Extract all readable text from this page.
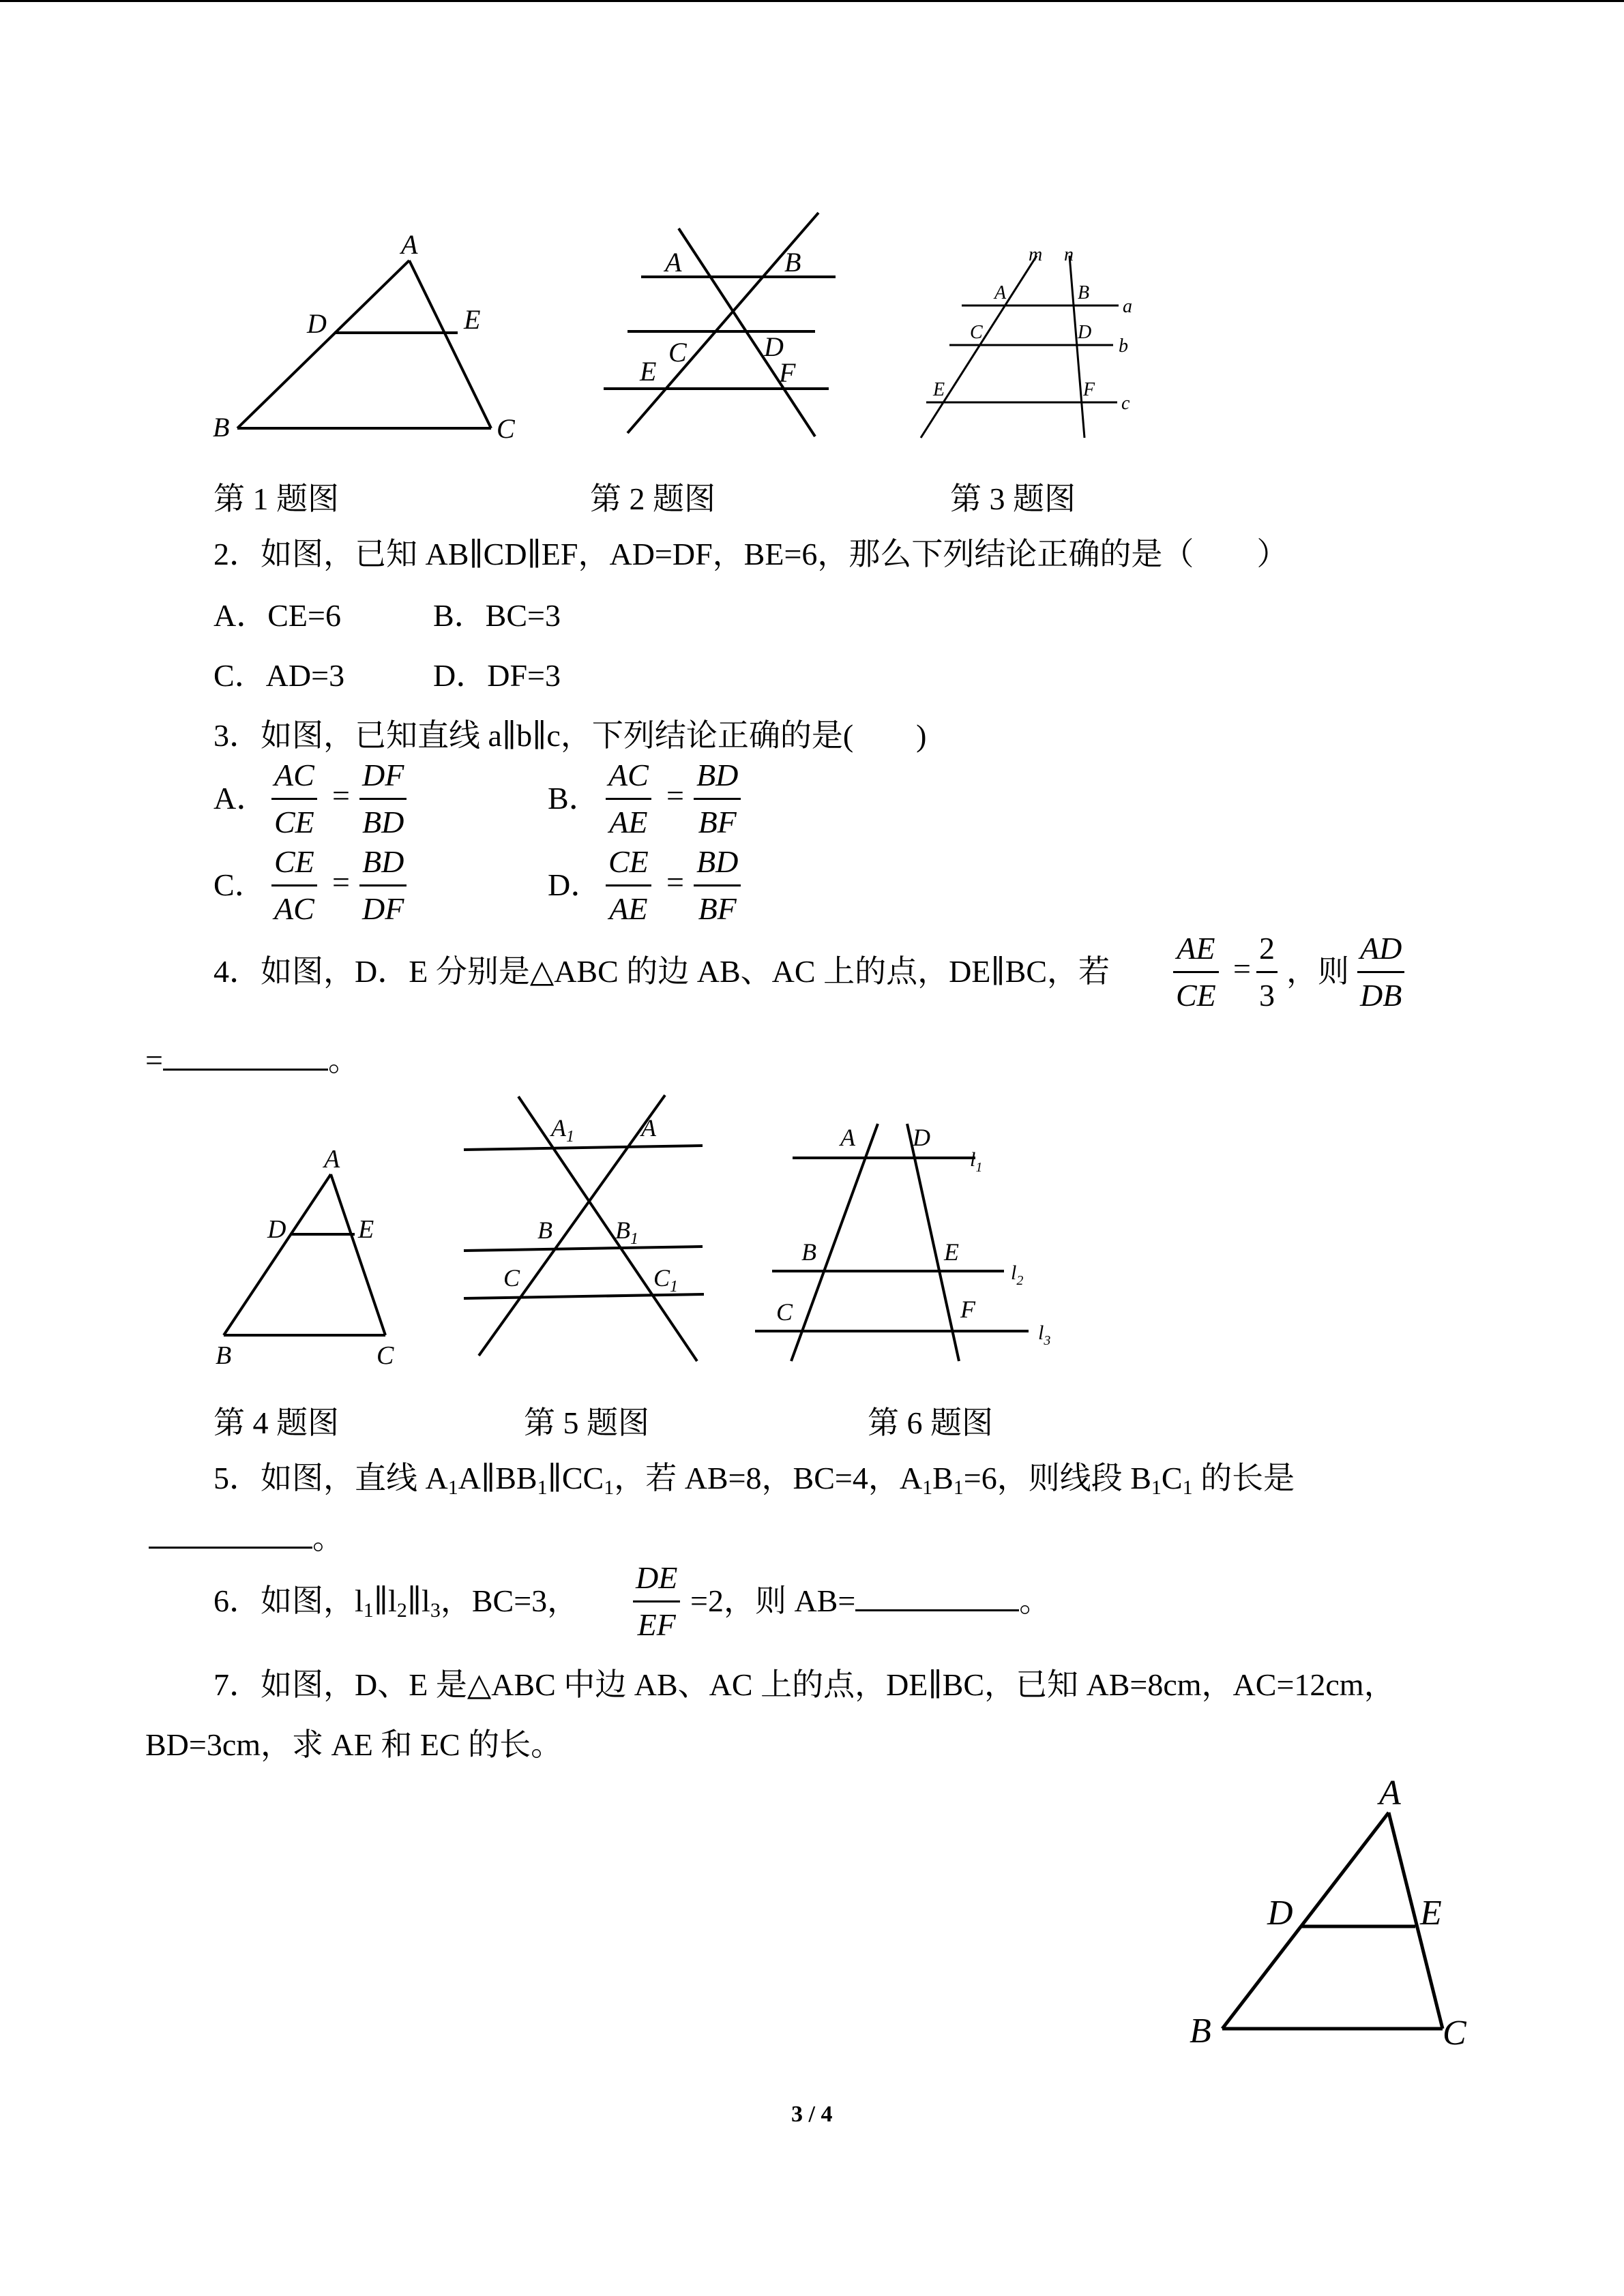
A
D	E
B	C
A	B
C	D
E	F
m n
A	B
a
C	D
b
E	F
c
第 1 题图	第 2 题图	第 3 题图
2．如图，已知 AB∥CD∥EF，AD=DF，BE=6，那么下列结论正确的是（　　）
A．CE=6	B．BC=3
C．AD=3	D．DF=3
3．如图，已知直线 a∥b∥c，下列结论正确的是(　　)
A．
AC
CE
=
DF
BD
B．
AC
AE
=
BD
BF
C．
CE
AC
=
BD
DF
D．
CE
AE
=
BD
BF
4．如图，D．E 分别是△ABC 的边 AB、AC 上的点，DE∥BC，若
AE
CE
=
2
3
，则
AD
DB
=	。
A
D	E
B	C
$A_1$	A
B	$B_1$
C	$C_1$
A D
$l_1$
B	E
$l_2$
C	F
$l_3$
第 4 题图	第 5 题图	第 6 题图
5．如图，直线 $A_1A\parallel BB_1\parallel CC_1$，若 AB=8，BC=4，$A_1B_1=6$，则线段 $B_1C_1$ 的长是
。
6．如图，$l_1\parallel l_2\parallel l_3$，BC=3，
DE
EF
=2，则 AB=	。
7．如图，D、E 是△ABC 中边 AB、AC 上的点，DE∥BC，已知 AB=8cm，AC=12cm，
BD=3cm，求 AE 和 EC 的长。
A
D	E
B	C
3 / 4
